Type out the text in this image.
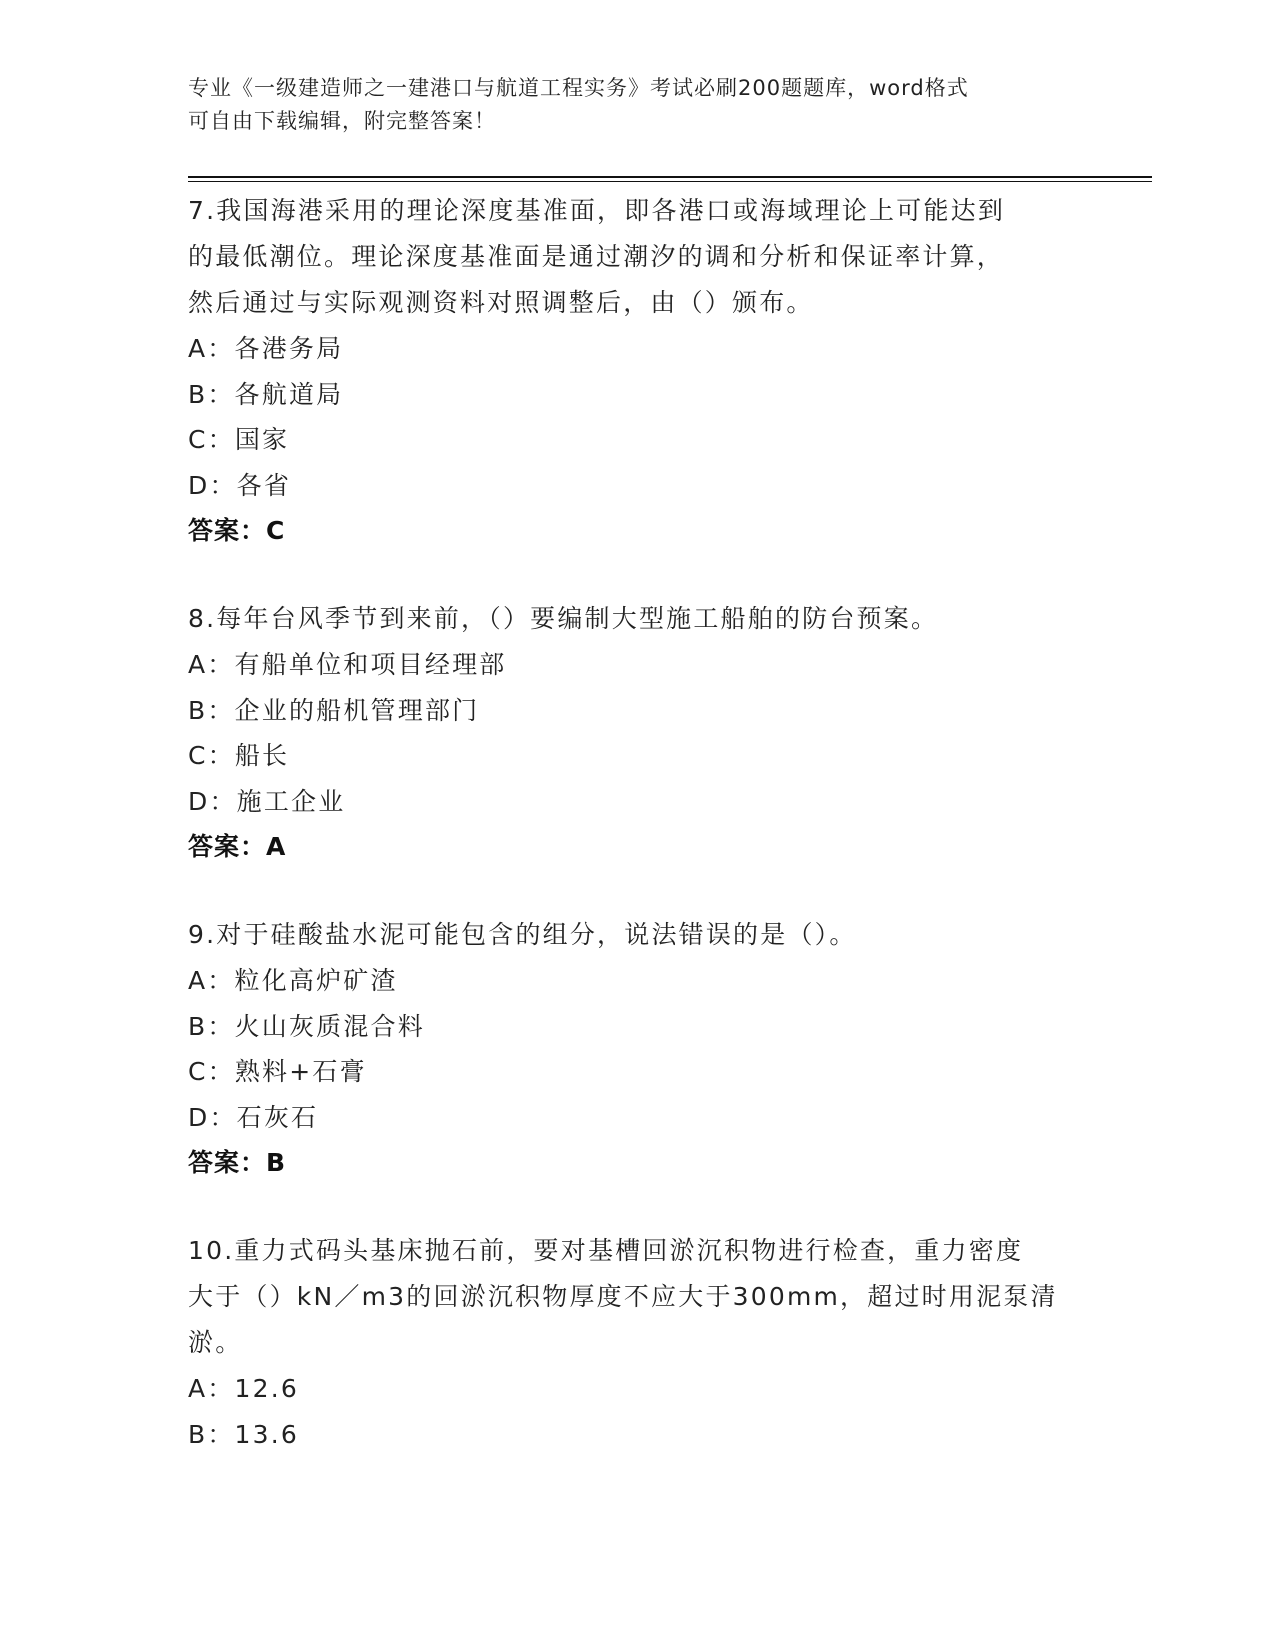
专业《一级建造师之一建港口与航道工程实务》考试必刷200题题库，word格式
可自由下载编辑，附完整答案！

7.我国海港采用的理论深度基准面，即各港口或海域理论上可能达到

的最低潮位。理论深度基准面是通过潮汐的调和分析和保证率计算，

然后通过与实际观测资料对照调整后，由（）颁布。

A：各港务局

B：各航道局

C：国家

D：各省

答案：C

8.每年台风季节到来前，（）要编制大型施工船舶的防台预案。

A：有船单位和项目经理部

B：企业的船机管理部门

C：船长

D：施工企业

答案：A

9.对于硅酸盐水泥可能包含的组分，说法错误的是（）。

A：粒化高炉矿渣

B：火山灰质混合料

C：熟料+石膏

D：石灰石

答案：B

10.重力式码头基床抛石前，要对基槽回淤沉积物进行检查，重力密度

大于（）kN／m3的回淤沉积物厚度不应大于300mm，超过时用泥泵清

淤。

A：12.6

B：13.6
